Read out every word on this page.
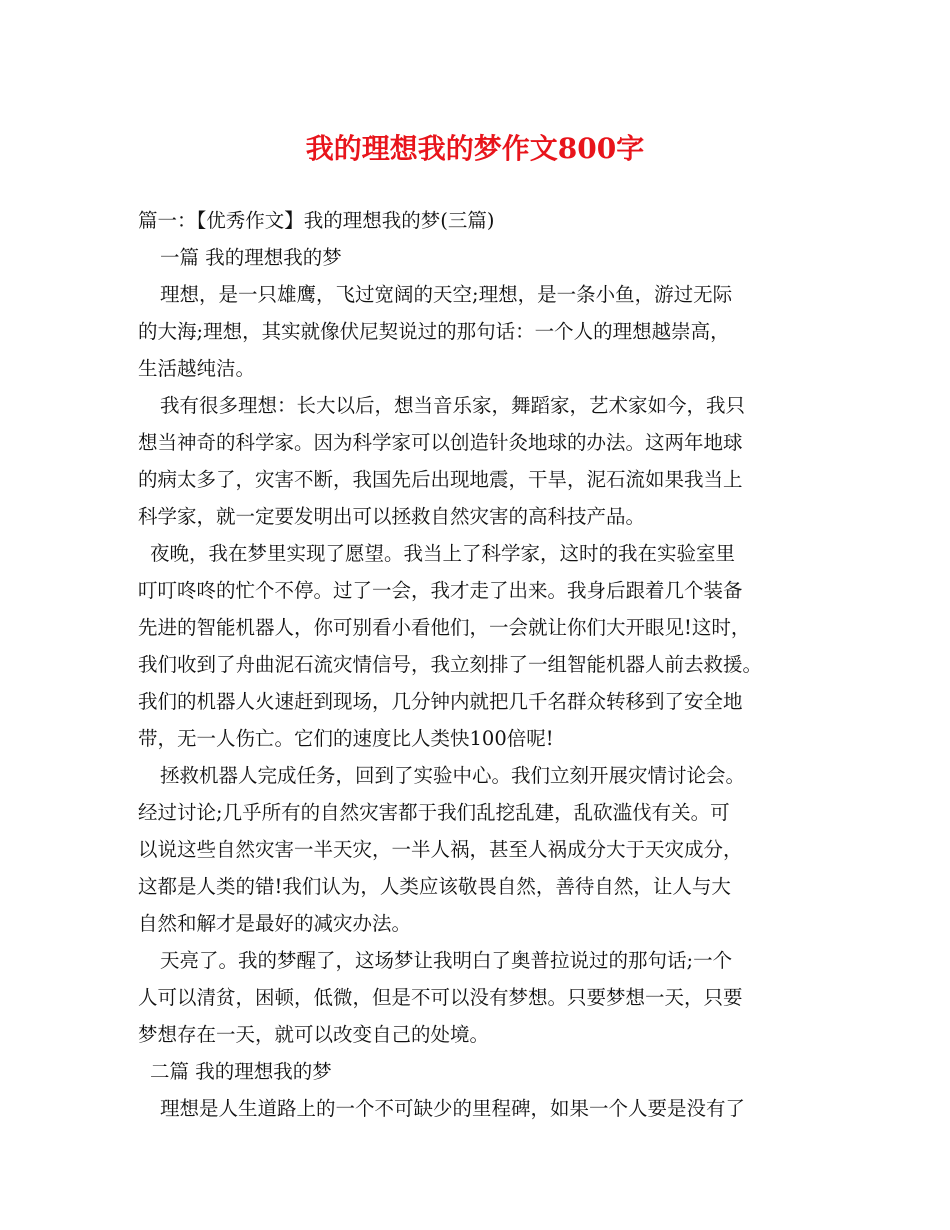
我的理想我的梦作文800字
篇一：【优秀作文】我的理想我的梦(三篇)
一篇 我的理想我的梦
理想，是一只雄鹰，飞过宽阔的天空;理想，是一条小鱼，游过无际
的大海;理想，其实就像伏尼契说过的那句话：一个人的理想越崇高，
生活越纯洁。
我有很多理想：长大以后，想当音乐家，舞蹈家，艺术家如今，我只
想当神奇的科学家。因为科学家可以创造针灸地球的办法。这两年地球
的病太多了，灾害不断，我国先后出现地震，干旱，泥石流如果我当上
科学家，就一定要发明出可以拯救自然灾害的高科技产品。
夜晚，我在梦里实现了愿望。我当上了科学家，这时的我在实验室里
叮叮咚咚的忙个不停。过了一会，我才走了出来。我身后跟着几个装备
先进的智能机器人，你可别看小看他们，一会就让你们大开眼见!这时，
我们收到了舟曲泥石流灾情信号，我立刻排了一组智能机器人前去救援。
我们的机器人火速赶到现场，几分钟内就把几千名群众转移到了安全地
带，无一人伤亡。它们的速度比人类快100倍呢!
拯救机器人完成任务，回到了实验中心。我们立刻开展灾情讨论会。
经过讨论;几乎所有的自然灾害都于我们乱挖乱建，乱砍滥伐有关。可
以说这些自然灾害一半天灾，一半人祸，甚至人祸成分大于天灾成分，
这都是人类的错!我们认为，人类应该敬畏自然，善待自然，让人与大
自然和解才是最好的减灾办法。
天亮了。我的梦醒了，这场梦让我明白了奥普拉说过的那句话;一个
人可以清贫，困顿，低微，但是不可以没有梦想。只要梦想一天，只要
梦想存在一天，就可以改变自己的处境。
二篇 我的理想我的梦
理想是人生道路上的一个不可缺少的里程碑，如果一个人要是没有了
